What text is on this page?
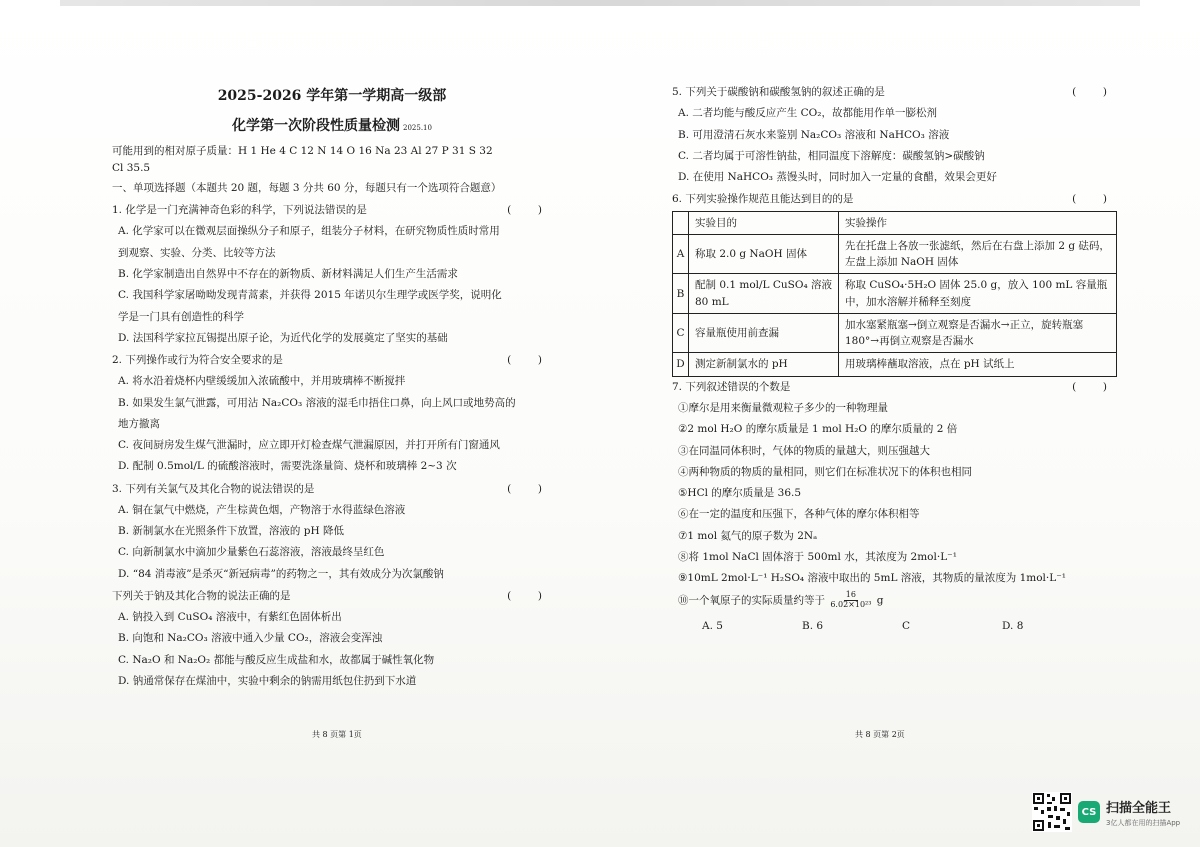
2025-2026 学年第一学期高一级部
化学第一次阶段性质量检测 2025.10
可能用到的相对原子质量：H 1 He 4 C 12 N 14 O 16 Na 23 Al 27 P 31 S 32
Cl 35.5
一、单项选择题（本题共 20 题，每题 3 分共 60 分，每题只有一个选项符合题意）
1. 化学是一门充满神奇色彩的科学，下列说法错误的是	(        )
A. 化学家可以在微观层面操纵分子和原子，组装分子材料，在研究物质性质时常用
到观察、实验、分类、比较等方法
B. 化学家制造出自然界中不存在的新物质、新材料满足人们生产生活需求
C. 我国科学家屠呦呦发现青蒿素，并获得 2015 年诺贝尔生理学或医学奖，说明化
学是一门具有创造性的科学
D. 法国科学家拉瓦锡提出原子论，为近代化学的发展奠定了坚实的基础
2. 下列操作或行为符合安全要求的是	(        )
A. 将水沿着烧杯内壁缓缓加入浓硫酸中，并用玻璃棒不断搅拌
B. 如果发生氯气泄露，可用沾 Na₂CO₃ 溶液的湿毛巾捂住口鼻，向上风口或地势高的
地方撤离
C. 夜间厨房发生煤气泄漏时，应立即开灯检查煤气泄漏原因，并打开所有门窗通风
D. 配制 0.5mol/L 的硫酸溶液时，需要洗涤量筒、烧杯和玻璃棒 2~3 次
3. 下列有关氯气及其化合物的说法错误的是	(        )
A. 铜在氯气中燃烧，产生棕黄色烟，产物溶于水得蓝绿色溶液
B. 新制氯水在光照条件下放置，溶液的 pH 降低
C. 向新制氯水中滴加少量紫色石蕊溶液，溶液最终呈红色
D. “84 消毒液”是杀灭“新冠病毒”的药物之一，其有效成分为次氯酸钠
下列关于钠及其化合物的说法正确的是	(        )
A. 钠投入到 CuSO₄ 溶液中，有紫红色固体析出
B. 向饱和 Na₂CO₃ 溶液中通入少量 CO₂，溶液会变浑浊
C. Na₂O 和 Na₂O₂ 都能与酸反应生成盐和水，故都属于碱性氧化物
D. 钠通常保存在煤油中，实验中剩余的钠需用纸包住扔到下水道
5. 下列关于碳酸钠和碳酸氢钠的叙述正确的是	(        )
A. 二者均能与酸反应产生 CO₂，故都能用作单一膨松剂
B. 可用澄清石灰水来鉴别 Na₂CO₃ 溶液和 NaHCO₃ 溶液
C. 二者均属于可溶性钠盐，相同温度下溶解度：碳酸氢钠>碳酸钠
D. 在使用 NaHCO₃ 蒸馒头时，同时加入一定量的食醋，效果会更好
6. 下列实验操作规范且能达到目的的是	(        )
	实验目的	实验操作
A	称取 2.0 g NaOH 固体	先在托盘上各放一张滤纸，然后在右盘上添加 2 g 砝码，左盘上添加 NaOH 固体
B	配制 0.1 mol/L CuSO₄ 溶液 80 mL	称取 CuSO₄·5H₂O 固体 25.0 g，放入 100 mL 容量瓶中，加水溶解并稀释至刻度
C	容量瓶使用前查漏	加水塞紧瓶塞→倒立观察是否漏水→正立，旋转瓶塞 180°→再倒立观察是否漏水
D	测定新制氯水的 pH	用玻璃棒蘸取溶液，点在 pH 试纸上
7. 下列叙述错误的个数是	(        )
①摩尔是用来衡量微观粒子多少的一种物理量
②2 mol H₂O 的摩尔质量是 1 mol H₂O 的摩尔质量的 2 倍
③在同温同体积时，气体的物质的量越大，则压强越大
④两种物质的物质的量相同，则它们在标准状况下的体积也相同
⑤HCl 的摩尔质量是 36.5
⑥在一定的温度和压强下，各种气体的摩尔体积相等
⑦1 mol 氦气的原子数为 2Nₐ
⑧将 1mol NaCl 固体溶于 500ml 水，其浓度为 2mol·L⁻¹
⑨10mL 2mol·L⁻¹ H₂SO₄ 溶液中取出的 5mL 溶液，其物质的量浓度为 1mol·L⁻¹
⑩一个氧原子的实际质量约等于 $\frac{16}{\text{6.02×10²³}}$ g
A. 5	B. 6	C	D. 8
共 8 页第 1页	共 8 页第 2页
CS 扫描全能王
3亿人都在用的扫描App
